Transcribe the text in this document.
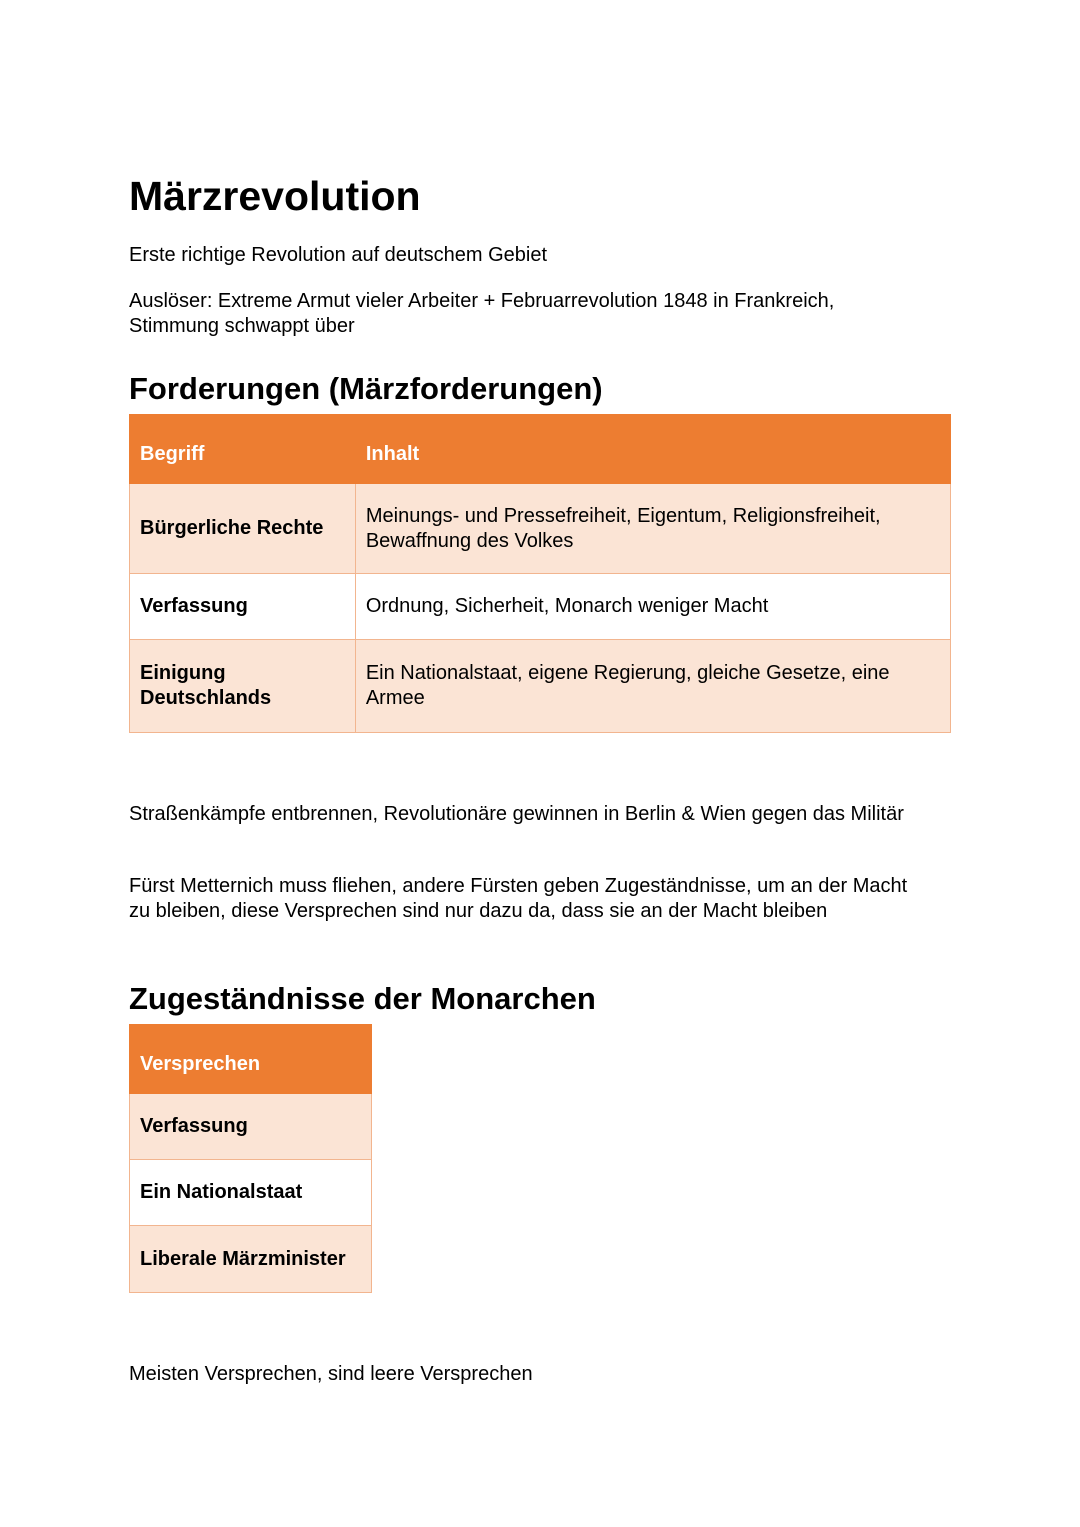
Märzrevolution

Erste richtige Revolution auf deutschem Gebiet

Auslöser: Extreme Armut vieler Arbeiter + Februarrevolution 1848 in Frankreich, Stimmung schwappt über

Forderungen (Märzforderungen)
Begriff	Inhalt
Bürgerliche Rechte	Meinungs- und Pressefreiheit, Eigentum, Religionsfreiheit, Bewaffnung des Volkes
Verfassung	Ordnung, Sicherheit, Monarch weniger Macht
Einigung Deutschlands	Ein Nationalstaat, eigene Regierung, gleiche Gesetze, eine Armee

Straßenkämpfe entbrennen, Revolutionäre gewinnen in Berlin & Wien gegen das Militär

Fürst Metternich muss fliehen, andere Fürsten geben Zugeständnisse, um an der Macht zu bleiben, diese Versprechen sind nur dazu da, dass sie an der Macht bleiben

Zugeständnisse der Monarchen
Versprechen
Verfassung
Ein Nationalstaat
Liberale Märzminister

Meisten Versprechen, sind leere Versprechen
